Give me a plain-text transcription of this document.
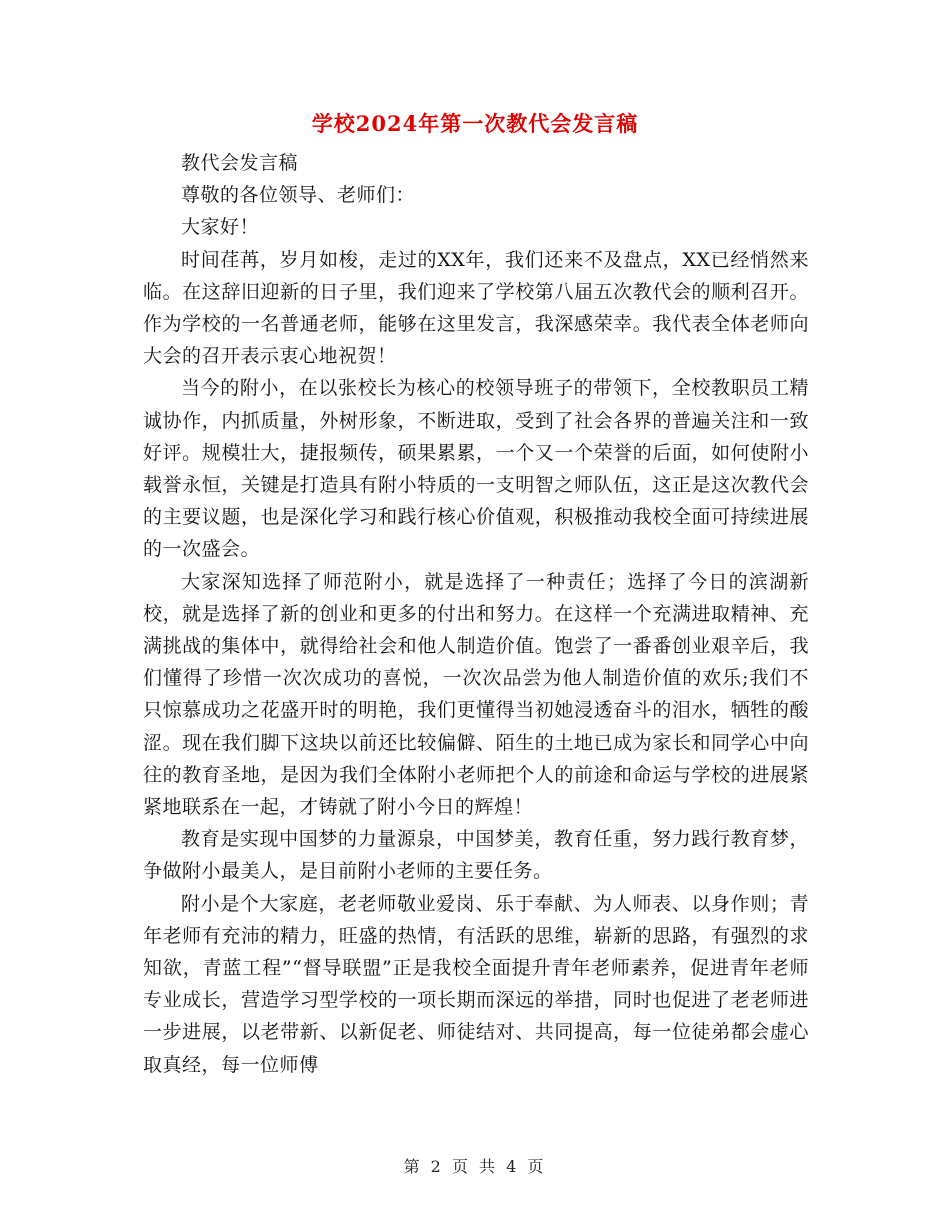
学校2024年第一次教代会发言稿

教代会发言稿

尊敬的各位领导、老师们：

大家好！

时间荏苒，岁月如梭，走过的XX年，我们还来不及盘点，XX已经悄然来临。在这辞旧迎新的日子里，我们迎来了学校第八届五次教代会的顺利召开。作为学校的一名普通老师，能够在这里发言，我深感荣幸。我代表全体老师向大会的召开表示衷心地祝贺！

当今的附小，在以张校长为核心的校领导班子的带领下，全校教职员工精诚协作，内抓质量，外树形象，不断进取，受到了社会各界的普遍关注和一致好评。规模壮大，捷报频传，硕果累累，一个又一个荣誉的后面，如何使附小载誉永恒，关键是打造具有附小特质的一支明智之师队伍，这正是这次教代会的主要议题，也是深化学习和践行核心价值观，积极推动我校全面可持续进展的一次盛会。

大家深知选择了师范附小，就是选择了一种责任；选择了今日的滨湖新校，就是选择了新的创业和更多的付出和努力。在这样一个充满进取精神、充满挑战的集体中，就得给社会和他人制造价值。饱尝了一番番创业艰辛后，我们懂得了珍惜一次次成功的喜悦，一次次品尝为他人制造价值的欢乐;我们不只惊慕成功之花盛开时的明艳，我们更懂得当初她浸透奋斗的泪水，牺牲的酸涩。现在我们脚下这块以前还比较偏僻、陌生的土地已成为家长和同学心中向往的教育圣地，是因为我们全体附小老师把个人的前途和命运与学校的进展紧紧地联系在一起，才铸就了附小今日的辉煌！

教育是实现中国梦的力量源泉，中国梦美，教育任重，努力践行教育梦，争做附小最美人，是目前附小老师的主要任务。

附小是个大家庭，老老师敬业爱岗、乐于奉献、为人师表、以身作则；青年老师有充沛的精力，旺盛的热情，有活跃的思维，崭新的思路，有强烈的求知欲，青蓝工程”“督导联盟”正是我校全面提升青年老师素养，促进青年老师专业成长，营造学习型学校的一项长期而深远的举措，同时也促进了老老师进一步进展，以老带新、以新促老、师徒结对、共同提高，每一位徒弟都会虚心取真经，每一位师傅

第 2 页 共 4 页
